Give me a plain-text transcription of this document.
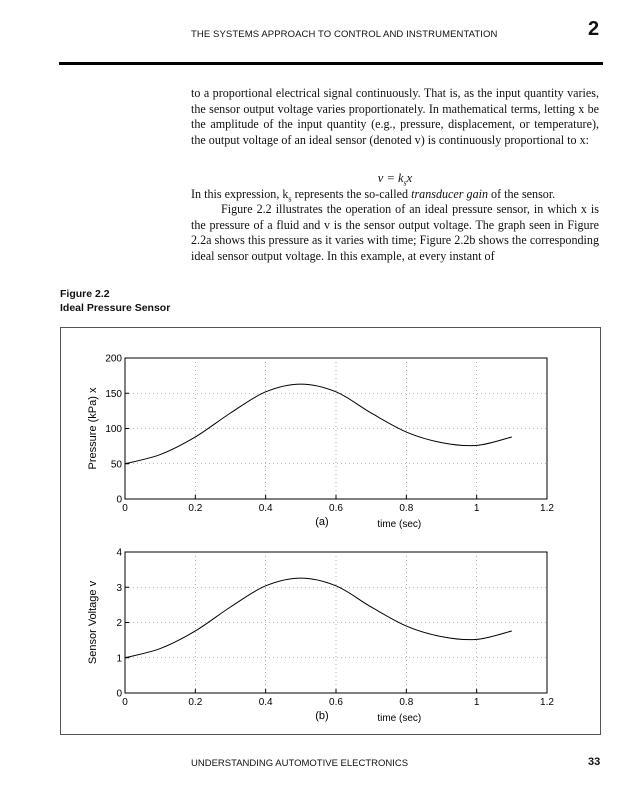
THE SYSTEMS APPROACH TO CONTROL AND INSTRUMENTATION	2

to a proportional electrical signal continuously. That is, as the input quantity varies, the sensor output voltage varies proportionately. In mathematical terms, letting x be the amplitude of the input quantity (e.g., pressure, displacement, or temperature), the output voltage of an ideal sensor (denoted v) is continuously proportional to x:

$v = k_sx$

In this expression, $k_s$ represents the so-called transducer gain of the sensor.

Figure 2.2 illustrates the operation of an ideal pressure sensor, in which x is the pressure of a fluid and v is the sensor output voltage. The graph seen in Figure 2.2a shows this pressure as it varies with time; Figure 2.2b shows the corresponding ideal sensor output voltage. In this example, at every instant of

Figure 2.2
Ideal Pressure Sensor
0	0.2	0.4	0.6	0.8	1	1.2
0
50
100
150
200
Pressure (kPa) x
(a)	time (sec)
0	0.2	0.4	0.6	0.8	1	1.2
0
1
2
3
4
Sensor Voltage v
(b)	time (sec)
UNDERSTANDING AUTOMOTIVE ELECTRONICS	33
